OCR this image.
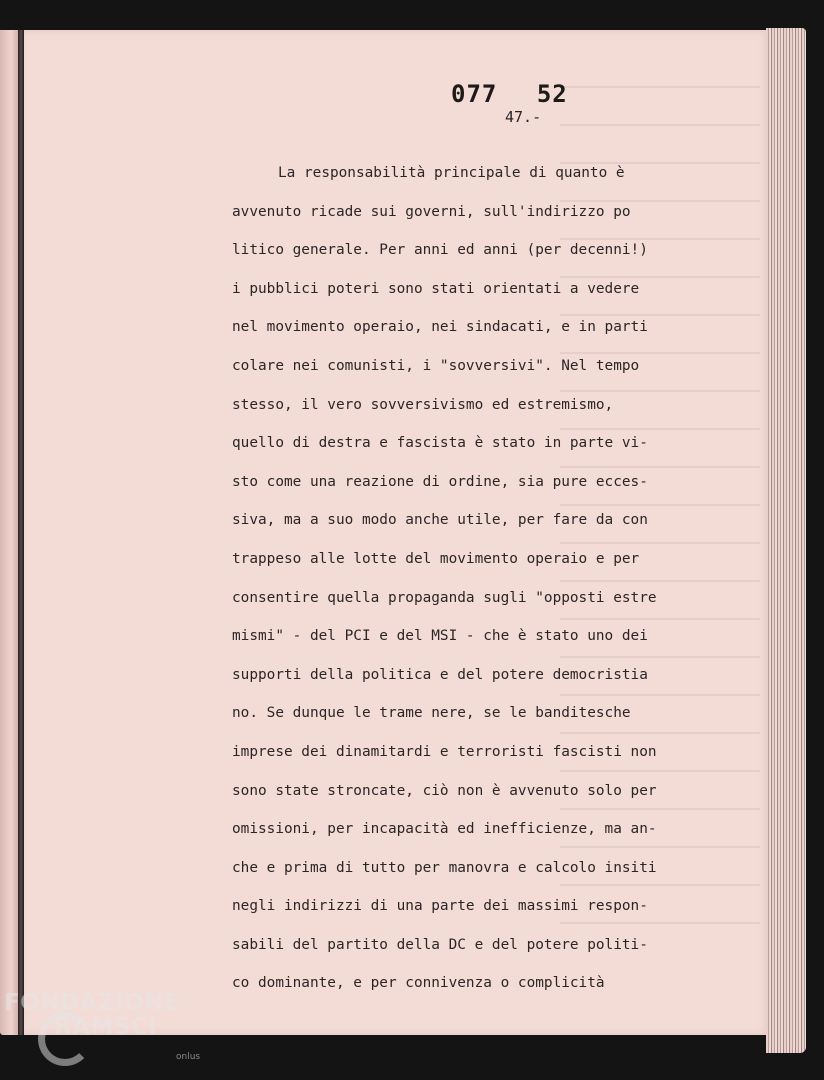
077 52
47.-
La responsabilità principale di quanto è
avvenuto ricade sui governi, sull'indirizzo po
litico generale. Per anni ed anni (per decenni!)
i pubblici poteri sono stati orientati a vedere
nel movimento operaio, nei sindacati, e in parti
colare nei comunisti, i "sovversivi". Nel tempo
stesso, il vero sovversivismo ed estremismo,
quello di destra e fascista è stato in parte vi-
sto come una reazione di ordine, sia pure ecces-
siva, ma a suo modo anche utile, per fare da con
trappeso alle lotte del movimento operaio e per
consentire quella propaganda sugli "opposti estre
mismi" - del PCI e del MSI - che è stato uno dei
supporti della politica e del potere democristia
no. Se dunque le trame nere, se le banditesche
imprese dei dinamitardi e terroristi fascisti non
sono state stroncate, ciò non è avvenuto solo per
omissioni, per incapacità ed inefficienze, ma an-
che e prima di tutto per manovra e calcolo insiti
negli indirizzi di una parte dei massimi respon-
sabili del partito della DC e del potere politi-
co dominante, e per connivenza o complicità
FONDAZIONE
RAMSCI
onlus
